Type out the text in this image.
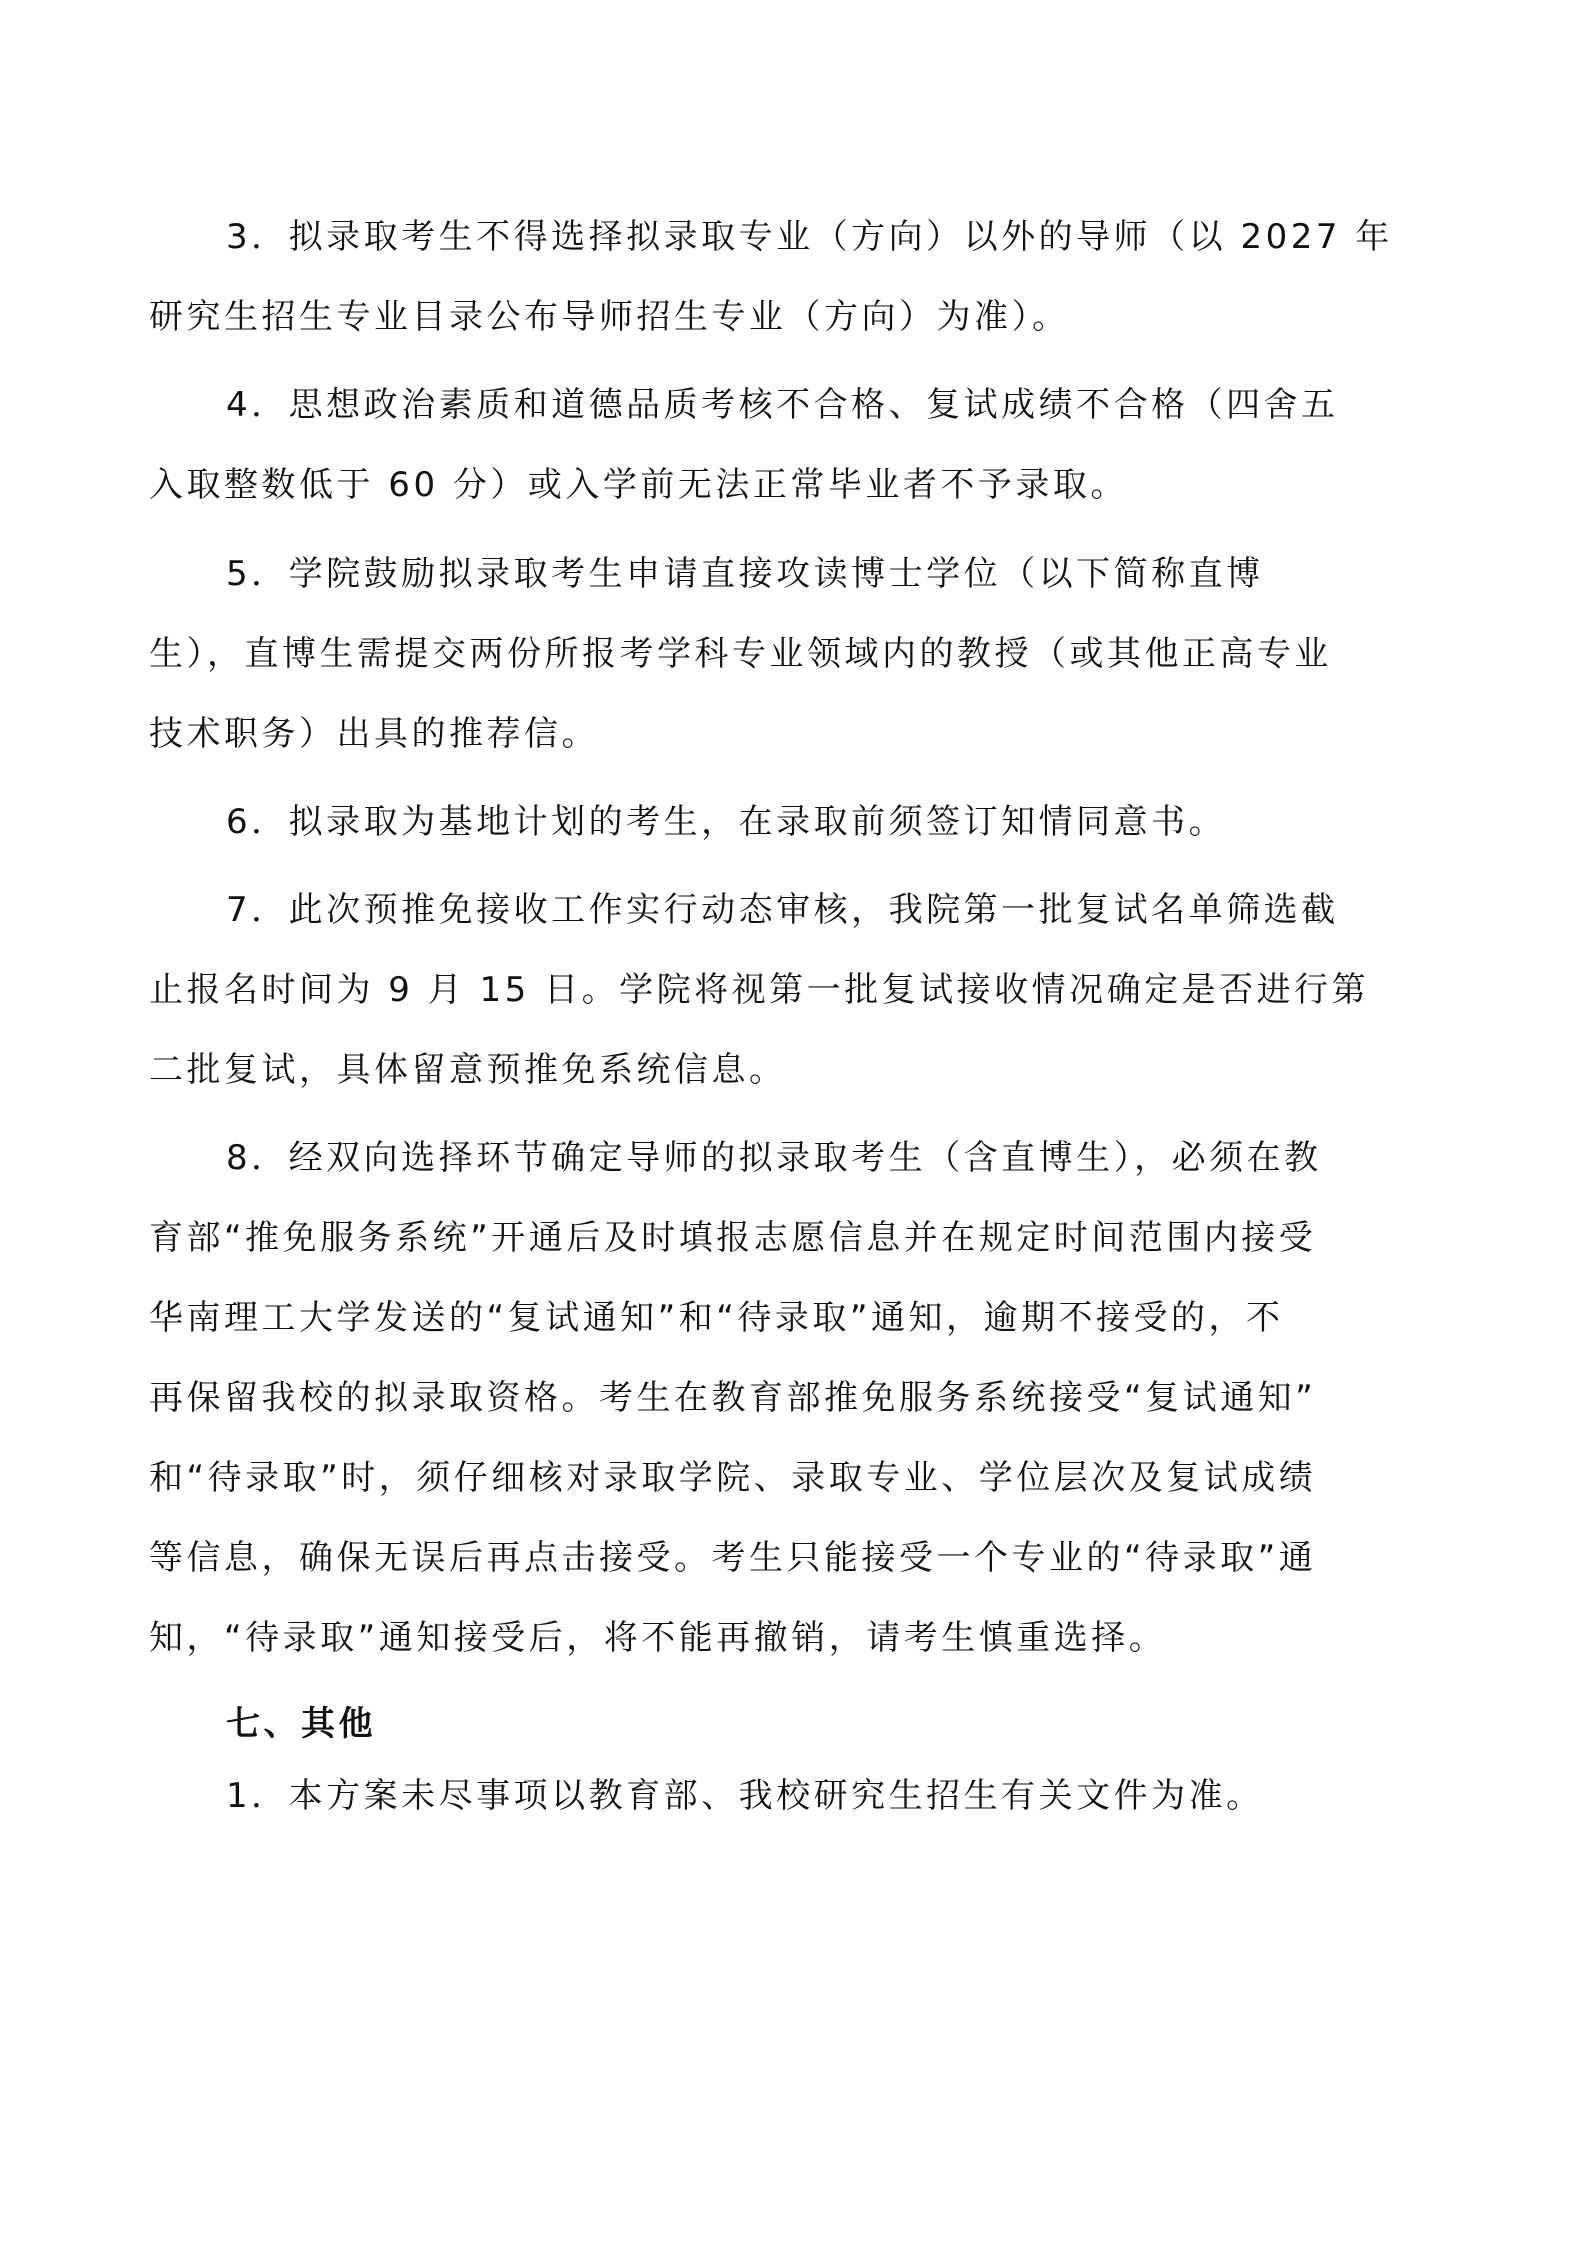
3．拟录取考生不得选择拟录取专业（方向）以外的导师（以 2027 年
研究生招生专业目录公布导师招生专业（方向）为准）。
4．思想政治素质和道德品质考核不合格、复试成绩不合格（四舍五
入取整数低于 60 分）或入学前无法正常毕业者不予录取。
5．学院鼓励拟录取考生申请直接攻读博士学位（以下简称直博
生），直博生需提交两份所报考学科专业领域内的教授（或其他正高专业
技术职务）出具的推荐信。
6．拟录取为基地计划的考生，在录取前须签订知情同意书。
7．此次预推免接收工作实行动态审核，我院第一批复试名单筛选截
止报名时间为 9 月 15 日。学院将视第一批复试接收情况确定是否进行第
二批复试，具体留意预推免系统信息。
8．经双向选择环节确定导师的拟录取考生（含直博生），必须在教
育部“推免服务系统”开通后及时填报志愿信息并在规定时间范围内接受
华南理工大学发送的“复试通知”和“待录取”通知，逾期不接受的，不
再保留我校的拟录取资格。考生在教育部推免服务系统接受“复试通知”
和“待录取”时，须仔细核对录取学院、录取专业、学位层次及复试成绩
等信息，确保无误后再点击接受。考生只能接受一个专业的“待录取”通
知，“待录取”通知接受后，将不能再撤销，请考生慎重选择。
七、其他
1．本方案未尽事项以教育部、我校研究生招生有关文件为准。
